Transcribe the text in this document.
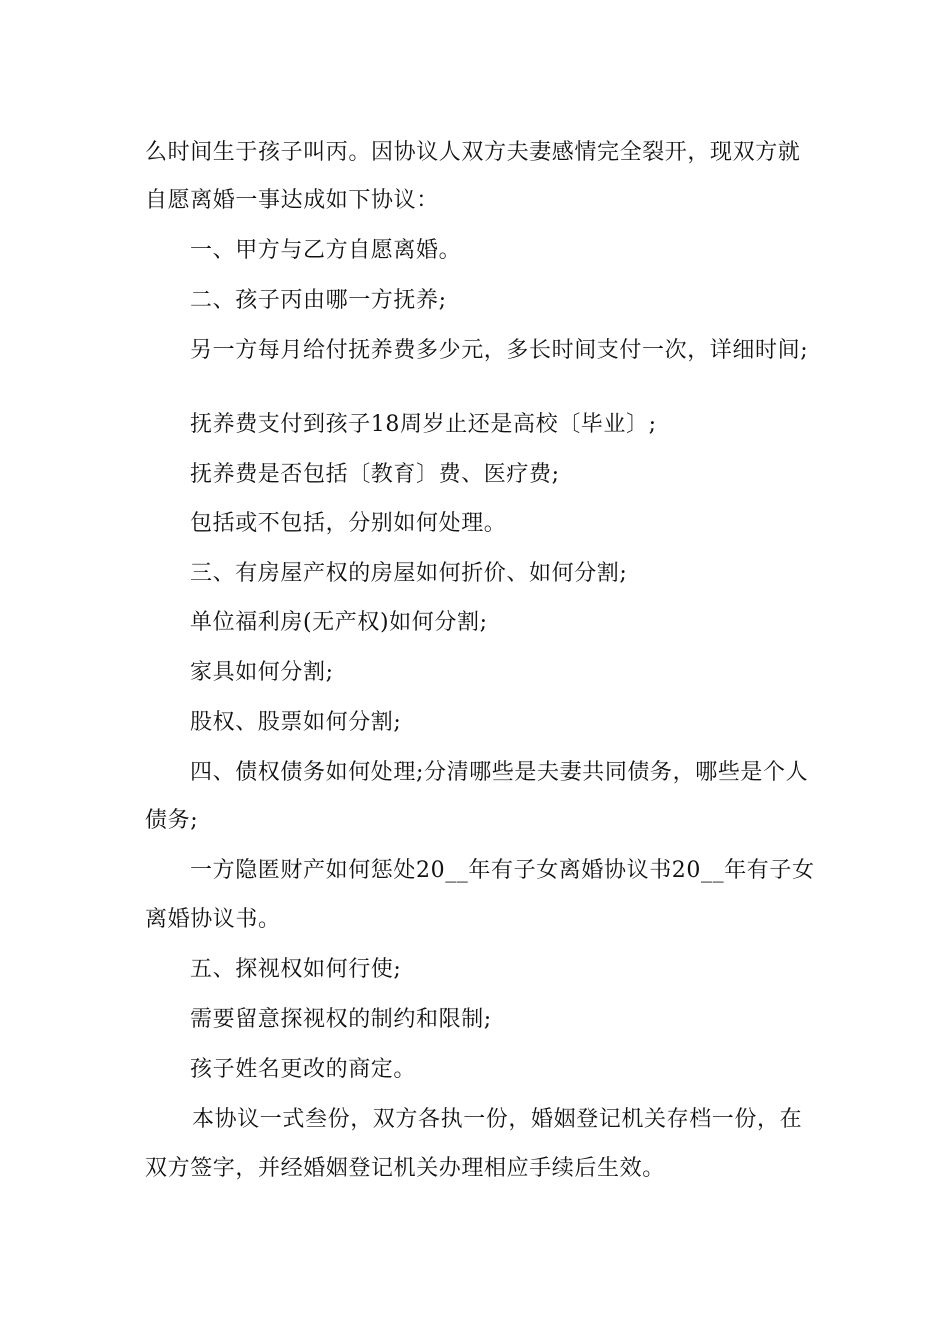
么时间生于孩子叫丙。因协议人双方夫妻感情完全裂开，现双方就
自愿离婚一事达成如下协议：
一、甲方与乙方自愿离婚。
二、孩子丙由哪一方抚养;
另一方每月给付抚养费多少元，多长时间支付一次，详细时间;
抚养费支付到孩子18周岁止还是高校〔毕业〕;
抚养费是否包括〔教育〕费、医疗费;
包括或不包括，分别如何处理。
三、有房屋产权的房屋如何折价、如何分割;
单位福利房(无产权)如何分割;
家具如何分割;
股权、股票如何分割;
四、债权债务如何处理;分清哪些是夫妻共同债务，哪些是个人
债务;
一方隐匿财产如何惩处20__年有子女离婚协议书20__年有子女
离婚协议书。
五、探视权如何行使;
需要留意探视权的制约和限制;
孩子姓名更改的商定。
本协议一式叁份，双方各执一份，婚姻登记机关存档一份，在
双方签字，并经婚姻登记机关办理相应手续后生效。
